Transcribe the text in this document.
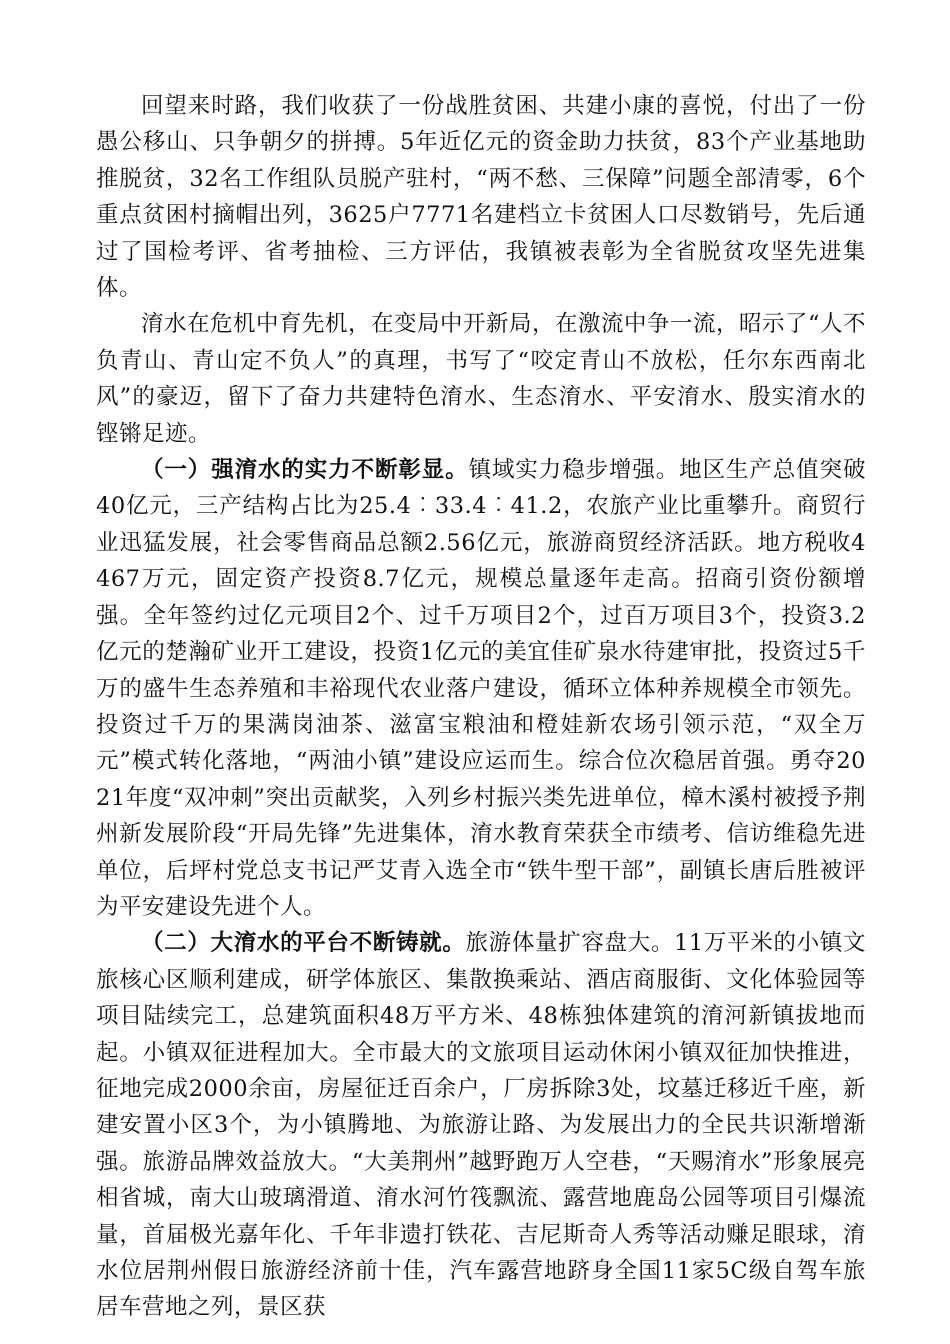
回望来时路，我们收获了一份战胜贫困、共建小康的喜悦，付出了一份愚公移山、只争朝夕的拼搏。5年近亿元的资金助力扶贫，83个产业基地助推脱贫，32名工作组队员脱产驻村，“两不愁、三保障”问题全部清零，6个重点贫困村摘帽出列，3625户7771名建档立卡贫困人口尽数销号，先后通过了国检考评、省考抽检、三方评估，我镇被表彰为全省脱贫攻坚先进集体。

淯水在危机中育先机，在变局中开新局，在激流中争一流，昭示了“人不负青山、青山定不负人”的真理，书写了“咬定青山不放松，任尔东西南北风”的豪迈，留下了奋力共建特色淯水、生态淯水、平安淯水、殷实淯水的铿锵足迹。

（一）强淯水的实力不断彰显。镇域实力稳步增强。地区生产总值突破40亿元，三产结构占比为25.4︰33.4︰41.2，农旅产业比重攀升。商贸行业迅猛发展，社会零售商品总额2.56亿元，旅游商贸经济活跃。地方税收4467万元，固定资产投资8.7亿元，规模总量逐年走高。招商引资份额增强。全年签约过亿元项目2个、过千万项目2个，过百万项目3个，投资3.2亿元的楚瀚矿业开工建设，投资1亿元的美宜佳矿泉水待建审批，投资过5千万的盛牛生态养殖和丰裕现代农业落户建设，循环立体种养规模全市领先。投资过千万的果满岗油茶、滋富宝粮油和橙娃新农场引领示范，“双全万元”模式转化落地，“两油小镇”建设应运而生。综合位次稳居首强。勇夺2021年度“双冲刺”突出贡献奖，入列乡村振兴类先进单位，樟木溪村被授予荆州新发展阶段“开局先锋”先进集体，淯水教育荣获全市绩考、信访维稳先进单位，后坪村党总支书记严艾青入选全市“铁牛型干部”，副镇长唐后胜被评为平安建设先进个人。

（二）大淯水的平台不断铸就。旅游体量扩容盘大。11万平米的小镇文旅核心区顺利建成，研学体旅区、集散换乘站、酒店商服街、文化体验园等项目陆续完工，总建筑面积48万平方米、48栋独体建筑的淯河新镇拔地而起。小镇双征进程加大。全市最大的文旅项目运动休闲小镇双征加快推进，征地完成2000余亩，房屋征迁百余户，厂房拆除3处，坟墓迁移近千座，新建安置小区3个，为小镇腾地、为旅游让路、为发展出力的全民共识渐增渐强。旅游品牌效益放大。“大美荆州”越野跑万人空巷，“天赐淯水”形象展亮相省城，南大山玻璃滑道、淯水河竹筏飘流、露营地鹿岛公园等项目引爆流量，首届极光嘉年化、千年非遗打铁花、吉尼斯奇人秀等活动赚足眼球，淯水位居荆州假日旅游经济前十佳，汽车露营地跻身全国11家5C级自驾车旅居车营地之列，景区获
